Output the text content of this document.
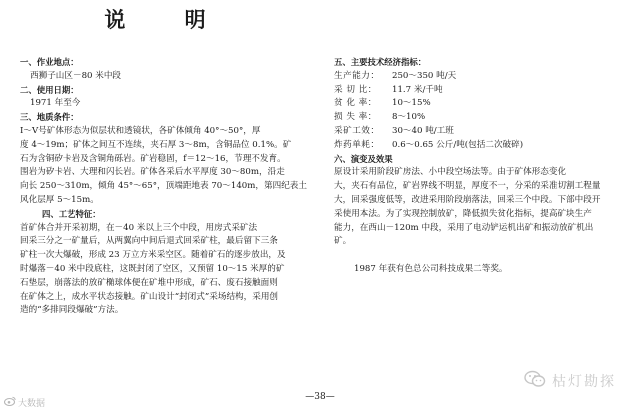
说 明
一、作业地点：
西狮子山区－80 米中段
二、使用日期：
1971 年至今
三、地质条件：
Ⅰ～Ⅴ号矿体形态为似层状和透镜状，各矿体倾角 40°～50°，厚
度 4～19m；矿体之间互不连续，夹石厚 3～8m，含铜品位 0.1%。矿
石为含铜矽卡岩及含铜角砾岩。矿岩稳固，f＝12～16，节理不发育。
围岩为矽卡岩、大理和闪长岩。矿体各采后水平厚度 30～80m，沿走
向长 250～310m，倾角 45°～65°，顶端距地表 70～140m，第四纪表土
风化层厚 5～15m。
四、工艺特征：
首矿体合并开采初期，在－40 米以上三个中段，用房式采矿法
回采三分之一矿量后，从两翼向中间后退式回采矿柱，最后留下三条
矿柱一次大爆破，形成 23 万立方米采空区。随着矿石的逐步放出，及
时爆落－40 米中段底柱，这既封闭了空区，又预留 10～15 米厚的矿
石垫层，崩落法的放矿椭球体便在矿堆中形成，矿石、废石接触面则
在矿体之上，成水平状态接触。矿山设计“封闭式”采场结构，采用创
造的“多排同段爆破”方法。
五、主要技术经济指标：
生产能力：	250～350 吨/天
采 切 比：	11.7 米/千吨
贫 化 率：	10～15%
损 失 率：	8～10%
采矿工效：	30～40 吨/工班
炸药单耗：	0.6～0.65 公斤/吨(包括二次破碎)
六、演变及效果
原设计采用阶段矿房法、小中段空场法等。由于矿体形态变化
大，夹石有品位，矿岩界线不明显，厚度不一，分采的采准切割工程量
大，回采强度低等，改进采用阶段崩落法，回采三个中段。下部中段开
采使用本法。为了实现控制放矿，降低损失贫化指标，提高矿块生产
能力，在西山－120m 中段，采用了电动铲运机出矿和振动放矿机出
矿。
1987 年获有色总公司科技成果二等奖。
—38—
大数据
枯灯勘探
